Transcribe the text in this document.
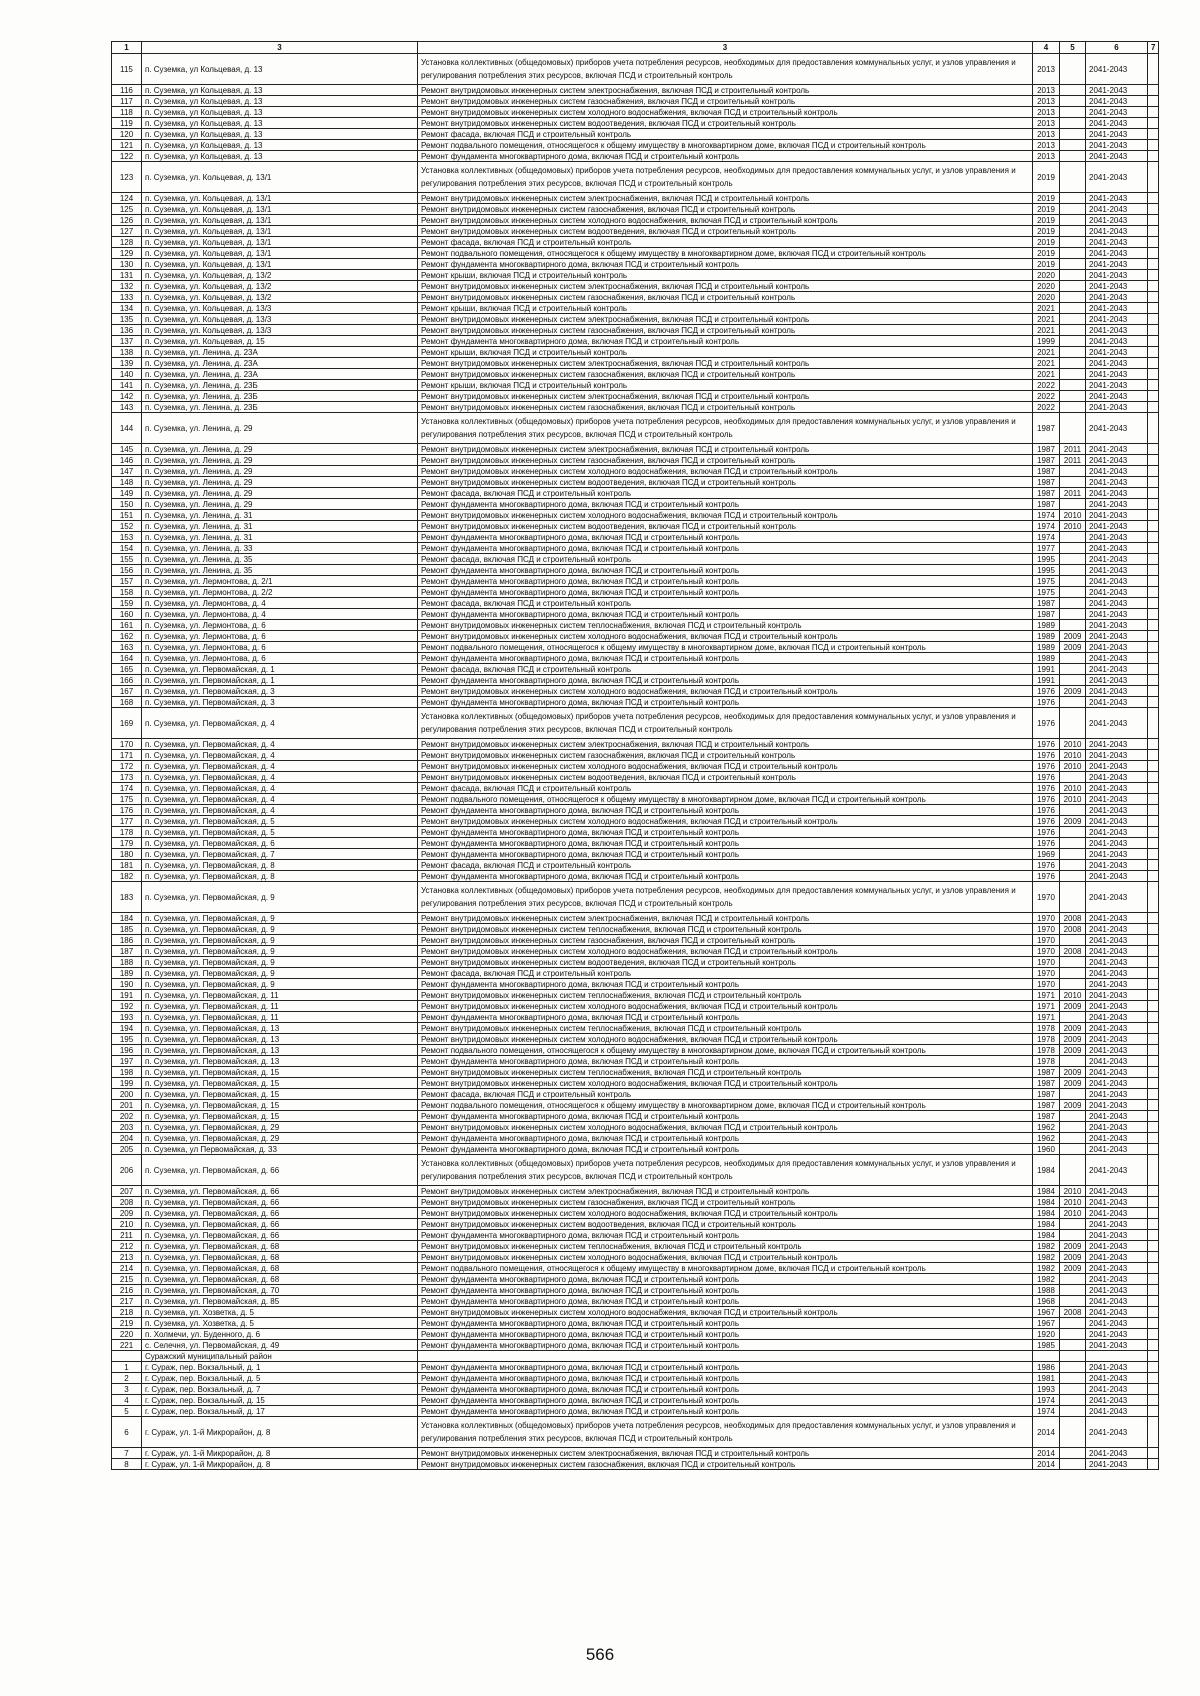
1	3	3	4	5	6	7
115	п. Суземка, ул Кольцевая, д. 13	Установка коллективных (общедомовых) приборов учета потребления ресурсов, необходимых для предоставления коммунальных услуг, и узлов управления и регулирования потребления этих ресурсов, включая ПСД и строительный контроль	2013		2041-2043	
116	п. Суземка, ул Кольцевая, д. 13	Ремонт внутридомовых инженерных систем электроснабжения, включая ПСД и строительный контроль	2013		2041-2043	
117	п. Суземка, ул Кольцевая, д. 13	Ремонт внутридомовых инженерных систем газоснабжения, включая ПСД и строительный контроль	2013		2041-2043	
118	п. Суземка, ул Кольцевая, д. 13	Ремонт внутридомовых инженерных систем холодного водоснабжения, включая ПСД и строительный контроль	2013		2041-2043	
119	п. Суземка, ул Кольцевая, д. 13	Ремонт внутридомовых инженерных систем водоотведения, включая ПСД и строительный контроль	2013		2041-2043	
120	п. Суземка, ул Кольцевая, д. 13	Ремонт фасада, включая ПСД и строительный контроль	2013		2041-2043	
121	п. Суземка, ул Кольцевая, д. 13	Ремонт подвального помещения, относящегося к общему имуществу в многоквартирном доме, включая ПСД и строительный контроль	2013		2041-2043	
122	п. Суземка, ул Кольцевая, д. 13	Ремонт фундамента многоквартирного дома, включая ПСД и строительный контроль	2013		2041-2043	
123	п. Суземка, ул. Кольцевая, д. 13/1	Установка коллективных (общедомовых) приборов учета потребления ресурсов, необходимых для предоставления коммунальных услуг, и узлов управления и регулирования потребления этих ресурсов, включая ПСД и строительный контроль	2019		2041-2043	
124	п. Суземка, ул. Кольцевая, д. 13/1	Ремонт внутридомовых инженерных систем электроснабжения, включая ПСД и строительный контроль	2019		2041-2043	
125	п. Суземка, ул. Кольцевая, д. 13/1	Ремонт внутридомовых инженерных систем газоснабжения, включая ПСД и строительный контроль	2019		2041-2043	
126	п. Суземка, ул. Кольцевая, д. 13/1	Ремонт внутридомовых инженерных систем холодного водоснабжения, включая ПСД и строительный контроль	2019		2041-2043	
127	п. Суземка, ул. Кольцевая, д. 13/1	Ремонт внутридомовых инженерных систем водоотведения, включая ПСД и строительный контроль	2019		2041-2043	
128	п. Суземка, ул. Кольцевая, д. 13/1	Ремонт фасада, включая ПСД и строительный контроль	2019		2041-2043	
129	п. Суземка, ул. Кольцевая, д. 13/1	Ремонт подвального помещения, относящегося к общему имуществу в многоквартирном доме, включая ПСД и строительный контроль	2019		2041-2043	
130	п. Суземка, ул. Кольцевая, д. 13/1	Ремонт фундамента многоквартирного дома, включая ПСД и строительный контроль	2019		2041-2043	
131	п. Суземка, ул. Кольцевая, д. 13/2	Ремонт крыши, включая ПСД и строительный контроль	2020		2041-2043	
132	п. Суземка, ул. Кольцевая, д. 13/2	Ремонт внутридомовых инженерных систем электроснабжения, включая ПСД и строительный контроль	2020		2041-2043	
133	п. Суземка, ул. Кольцевая, д. 13/2	Ремонт внутридомовых инженерных систем газоснабжения, включая ПСД и строительный контроль	2020		2041-2043	
134	п. Суземка, ул. Кольцевая, д. 13/3	Ремонт крыши, включая ПСД и строительный контроль	2021		2041-2043	
135	п. Суземка, ул. Кольцевая, д. 13/3	Ремонт внутридомовых инженерных систем электроснабжения, включая ПСД и строительный контроль	2021		2041-2043	
136	п. Суземка, ул. Кольцевая, д. 13/3	Ремонт внутридомовых инженерных систем газоснабжения, включая ПСД и строительный контроль	2021		2041-2043	
137	п. Суземка, ул. Кольцевая, д. 15	Ремонт фундамента многоквартирного дома, включая ПСД и строительный контроль	1999		2041-2043	
138	п. Суземка, ул. Ленина, д. 23А	Ремонт крыши, включая ПСД и строительный контроль	2021		2041-2043	
139	п. Суземка, ул. Ленина, д. 23А	Ремонт внутридомовых инженерных систем электроснабжения, включая ПСД и строительный контроль	2021		2041-2043	
140	п. Суземка, ул. Ленина, д. 23А	Ремонт внутридомовых инженерных систем газоснабжения, включая ПСД и строительный контроль	2021		2041-2043	
141	п. Суземка, ул. Ленина, д. 23Б	Ремонт крыши, включая ПСД и строительный контроль	2022		2041-2043	
142	п. Суземка, ул. Ленина, д. 23Б	Ремонт внутридомовых инженерных систем электроснабжения, включая ПСД и строительный контроль	2022		2041-2043	
143	п. Суземка, ул. Ленина, д. 23Б	Ремонт внутридомовых инженерных систем газоснабжения, включая ПСД и строительный контроль	2022		2041-2043	
144	п. Суземка, ул. Ленина, д. 29	Установка коллективных (общедомовых) приборов учета потребления ресурсов, необходимых для предоставления коммунальных услуг, и узлов управления и регулирования потребления этих ресурсов, включая ПСД и строительный контроль	1987		2041-2043	
145	п. Суземка, ул. Ленина, д. 29	Ремонт внутридомовых инженерных систем электроснабжения, включая ПСД и строительный контроль	1987	2011	2041-2043	
146	п. Суземка, ул. Ленина, д. 29	Ремонт внутридомовых инженерных систем газоснабжения, включая ПСД и строительный контроль	1987	2011	2041-2043	
147	п. Суземка, ул. Ленина, д. 29	Ремонт внутридомовых инженерных систем холодного водоснабжения, включая ПСД и строительный контроль	1987		2041-2043	
148	п. Суземка, ул. Ленина, д. 29	Ремонт внутридомовых инженерных систем водоотведения, включая ПСД и строительный контроль	1987		2041-2043	
149	п. Суземка, ул. Ленина, д. 29	Ремонт фасада, включая ПСД и строительный контроль	1987	2011	2041-2043	
150	п. Суземка, ул. Ленина, д. 29	Ремонт фундамента многоквартирного дома, включая ПСД и строительный контроль	1987		2041-2043	
151	п. Суземка, ул. Ленина, д. 31	Ремонт внутридомовых инженерных систем холодного водоснабжения, включая ПСД и строительный контроль	1974	2010	2041-2043	
152	п. Суземка, ул. Ленина, д. 31	Ремонт внутридомовых инженерных систем водоотведения, включая ПСД и строительный контроль	1974	2010	2041-2043	
153	п. Суземка, ул. Ленина, д. 31	Ремонт фундамента многоквартирного дома, включая ПСД и строительный контроль	1974		2041-2043	
154	п. Суземка, ул. Ленина, д. 33	Ремонт фундамента многоквартирного дома, включая ПСД и строительный контроль	1977		2041-2043	
155	п. Суземка, ул. Ленина, д. 35	Ремонт фасада, включая ПСД и строительный контроль	1995		2041-2043	
156	п. Суземка, ул. Ленина, д. 35	Ремонт фундамента многоквартирного дома, включая ПСД и строительный контроль	1995		2041-2043	
157	п. Суземка, ул. Лермонтова, д. 2/1	Ремонт фундамента многоквартирного дома, включая ПСД и строительный контроль	1975		2041-2043	
158	п. Суземка, ул. Лермонтова, д. 2/2	Ремонт фундамента многоквартирного дома, включая ПСД и строительный контроль	1975		2041-2043	
159	п. Суземка, ул. Лермонтова, д. 4	Ремонт фасада, включая ПСД и строительный контроль	1987		2041-2043	
160	п. Суземка, ул. Лермонтова, д. 4	Ремонт фундамента многоквартирного дома, включая ПСД и строительный контроль	1987		2041-2043	
161	п. Суземка, ул. Лермонтова, д. 6	Ремонт внутридомовых инженерных систем теплоснабжения, включая ПСД и строительный контроль	1989		2041-2043	
162	п. Суземка, ул. Лермонтова, д. 6	Ремонт внутридомовых инженерных систем холодного водоснабжения, включая ПСД и строительный контроль	1989	2009	2041-2043	
163	п. Суземка, ул. Лермонтова, д. 6	Ремонт подвального помещения, относящегося к общему имуществу в многоквартирном доме, включая ПСД и строительный контроль	1989	2009	2041-2043	
164	п. Суземка, ул. Лермонтова, д. 6	Ремонт фундамента многоквартирного дома, включая ПСД и строительный контроль	1989		2041-2043	
165	п. Суземка, ул. Первомайская, д. 1	Ремонт фасада, включая ПСД и строительный контроль	1991		2041-2043	
166	п. Суземка, ул. Первомайская, д. 1	Ремонт фундамента многоквартирного дома, включая ПСД и строительный контроль	1991		2041-2043	
167	п. Суземка, ул. Первомайская, д. 3	Ремонт внутридомовых инженерных систем холодного водоснабжения, включая ПСД и строительный контроль	1976	2009	2041-2043	
168	п. Суземка, ул. Первомайская, д. 3	Ремонт фундамента многоквартирного дома, включая ПСД и строительный контроль	1976		2041-2043	
169	п. Суземка, ул. Первомайская, д. 4	Установка коллективных (общедомовых) приборов учета потребления ресурсов, необходимых для предоставления коммунальных услуг, и узлов управления и регулирования потребления этих ресурсов, включая ПСД и строительный контроль	1976		2041-2043	
170	п. Суземка, ул. Первомайская, д. 4	Ремонт внутридомовых инженерных систем электроснабжения, включая ПСД и строительный контроль	1976	2010	2041-2043	
171	п. Суземка, ул. Первомайская, д. 4	Ремонт внутридомовых инженерных систем газоснабжения, включая ПСД и строительный контроль	1976	2010	2041-2043	
172	п. Суземка, ул. Первомайская, д. 4	Ремонт внутридомовых инженерных систем холодного водоснабжения, включая ПСД и строительный контроль	1976	2010	2041-2043	
173	п. Суземка, ул. Первомайская, д. 4	Ремонт внутридомовых инженерных систем водоотведения, включая ПСД и строительный контроль	1976		2041-2043	
174	п. Суземка, ул. Первомайская, д. 4	Ремонт фасада, включая ПСД и строительный контроль	1976	2010	2041-2043	
175	п. Суземка, ул. Первомайская, д. 4	Ремонт подвального помещения, относящегося к общему имуществу в многоквартирном доме, включая ПСД и строительный контроль	1976	2010	2041-2043	
176	п. Суземка, ул. Первомайская, д. 4	Ремонт фундамента многоквартирного дома, включая ПСД и строительный контроль	1976		2041-2043	
177	п. Суземка, ул. Первомайская, д. 5	Ремонт внутридомовых инженерных систем холодного водоснабжения, включая ПСД и строительный контроль	1976	2009	2041-2043	
178	п. Суземка, ул. Первомайская, д. 5	Ремонт фундамента многоквартирного дома, включая ПСД и строительный контроль	1976		2041-2043	
179	п. Суземка, ул. Первомайская, д. 6	Ремонт фундамента многоквартирного дома, включая ПСД и строительный контроль	1976		2041-2043	
180	п. Суземка, ул. Первомайская, д. 7	Ремонт фундамента многоквартирного дома, включая ПСД и строительный контроль	1969		2041-2043	
181	п. Суземка, ул. Первомайская, д. 8	Ремонт фасада, включая ПСД и строительный контроль	1976		2041-2043	
182	п. Суземка, ул. Первомайская, д. 8	Ремонт фундамента многоквартирного дома, включая ПСД и строительный контроль	1976		2041-2043	
183	п. Суземка, ул. Первомайская, д. 9	Установка коллективных (общедомовых) приборов учета потребления ресурсов, необходимых для предоставления коммунальных услуг, и узлов управления и регулирования потребления этих ресурсов, включая ПСД и строительный контроль	1970		2041-2043	
184	п. Суземка, ул. Первомайская, д. 9	Ремонт внутридомовых инженерных систем электроснабжения, включая ПСД и строительный контроль	1970	2008	2041-2043	
185	п. Суземка, ул. Первомайская, д. 9	Ремонт внутридомовых инженерных систем теплоснабжения, включая ПСД и строительный контроль	1970	2008	2041-2043	
186	п. Суземка, ул. Первомайская, д. 9	Ремонт внутридомовых инженерных систем газоснабжения, включая ПСД и строительный контроль	1970		2041-2043	
187	п. Суземка, ул. Первомайская, д. 9	Ремонт внутридомовых инженерных систем холодного водоснабжения, включая ПСД и строительный контроль	1970	2008	2041-2043	
188	п. Суземка, ул. Первомайская, д. 9	Ремонт внутридомовых инженерных систем водоотведения, включая ПСД и строительный контроль	1970		2041-2043	
189	п. Суземка, ул. Первомайская, д. 9	Ремонт фасада, включая ПСД и строительный контроль	1970		2041-2043	
190	п. Суземка, ул. Первомайская, д. 9	Ремонт фундамента многоквартирного дома, включая ПСД и строительный контроль	1970		2041-2043	
191	п. Суземка, ул. Первомайская, д. 11	Ремонт внутридомовых инженерных систем теплоснабжения, включая ПСД и строительный контроль	1971	2010	2041-2043	
192	п. Суземка, ул. Первомайская, д. 11	Ремонт внутридомовых инженерных систем холодного водоснабжения, включая ПСД и строительный контроль	1971	2009	2041-2043	
193	п. Суземка, ул. Первомайская, д. 11	Ремонт фундамента многоквартирного дома, включая ПСД и строительный контроль	1971		2041-2043	
194	п. Суземка, ул. Первомайская, д. 13	Ремонт внутридомовых инженерных систем теплоснабжения, включая ПСД и строительный контроль	1978	2009	2041-2043	
195	п. Суземка, ул. Первомайская, д. 13	Ремонт внутридомовых инженерных систем холодного водоснабжения, включая ПСД и строительный контроль	1978	2009	2041-2043	
196	п. Суземка, ул. Первомайская, д. 13	Ремонт подвального помещения, относящегося к общему имуществу в многоквартирном доме, включая ПСД и строительный контроль	1978	2009	2041-2043	
197	п. Суземка, ул. Первомайская, д. 13	Ремонт фундамента многоквартирного дома, включая ПСД и строительный контроль	1978		2041-2043	
198	п. Суземка, ул. Первомайская, д. 15	Ремонт внутридомовых инженерных систем теплоснабжения, включая ПСД и строительный контроль	1987	2009	2041-2043	
199	п. Суземка, ул. Первомайская, д. 15	Ремонт внутридомовых инженерных систем холодного водоснабжения, включая ПСД и строительный контроль	1987	2009	2041-2043	
200	п. Суземка, ул. Первомайская, д. 15	Ремонт фасада, включая ПСД и строительный контроль	1987		2041-2043	
201	п. Суземка, ул. Первомайская, д. 15	Ремонт подвального помещения, относящегося к общему имуществу в многоквартирном доме, включая ПСД и строительный контроль	1987	2009	2041-2043	
202	п. Суземка, ул. Первомайская, д. 15	Ремонт фундамента многоквартирного дома, включая ПСД и строительный контроль	1987		2041-2043	
203	п. Суземка, ул. Первомайская, д. 29	Ремонт внутридомовых инженерных систем холодного водоснабжения, включая ПСД и строительный контроль	1962		2041-2043	
204	п. Суземка, ул. Первомайская, д. 29	Ремонт фундамента многоквартирного дома, включая ПСД и строительный контроль	1962		2041-2043	
205	п. Суземка, ул Первомайская, д. 33	Ремонт фундамента многоквартирного дома, включая ПСД и строительный контроль	1960		2041-2043	
206	п. Суземка, ул. Первомайская, д. 66	Установка коллективных (общедомовых) приборов учета потребления ресурсов, необходимых для предоставления коммунальных услуг, и узлов управления и регулирования потребления этих ресурсов, включая ПСД и строительный контроль	1984		2041-2043	
207	п. Суземка, ул. Первомайская, д. 66	Ремонт внутридомовых инженерных систем электроснабжения, включая ПСД и строительный контроль	1984	2010	2041-2043	
208	п. Суземка, ул. Первомайская, д. 66	Ремонт внутридомовых инженерных систем газоснабжения, включая ПСД и строительный контроль	1984	2010	2041-2043	
209	п. Суземка, ул. Первомайская, д. 66	Ремонт внутридомовых инженерных систем холодного водоснабжения, включая ПСД и строительный контроль	1984	2010	2041-2043	
210	п. Суземка, ул. Первомайская, д. 66	Ремонт внутридомовых инженерных систем водоотведения, включая ПСД и строительный контроль	1984		2041-2043	
211	п. Суземка, ул. Первомайская, д. 66	Ремонт фундамента многоквартирного дома, включая ПСД и строительный контроль	1984		2041-2043	
212	п. Суземка, ул. Первомайская, д. 68	Ремонт внутридомовых инженерных систем теплоснабжения, включая ПСД и строительный контроль	1982	2009	2041-2043	
213	п. Суземка, ул. Первомайская, д. 68	Ремонт внутридомовых инженерных систем холодного водоснабжения, включая ПСД и строительный контроль	1982	2009	2041-2043	
214	п. Суземка, ул. Первомайская, д. 68	Ремонт подвального помещения, относящегося к общему имуществу в многоквартирном доме, включая ПСД и строительный контроль	1982	2009	2041-2043	
215	п. Суземка, ул. Первомайская, д. 68	Ремонт фундамента многоквартирного дома, включая ПСД и строительный контроль	1982		2041-2043	
216	п. Суземка, ул. Первомайская, д. 70	Ремонт фундамента многоквартирного дома, включая ПСД и строительный контроль	1988		2041-2043	
217	п. Суземка, ул. Первомайская, д. 85	Ремонт фундамента многоквартирного дома, включая ПСД и строительный контроль	1968		2041-2043	
218	п. Суземка, ул. Хозветка, д. 5	Ремонт внутридомовых инженерных систем холодного водоснабжения, включая ПСД и строительный контроль	1967	2008	2041-2043	
219	п. Суземка, ул. Хозветка, д. 5	Ремонт фундамента многоквартирного дома, включая ПСД и строительный контроль	1967		2041-2043	
220	п. Холмечи, ул. Буденного, д. 6	Ремонт фундамента многоквартирного дома, включая ПСД и строительный контроль	1920		2041-2043	
221	с. Селечня, ул. Первомайская, д. 49	Ремонт фундамента многоквартирного дома, включая ПСД и строительный контроль	1985		2041-2043	
	Суражский муниципальный район					
1	г. Сураж, пер. Вокзальный, д. 1	Ремонт фундамента многоквартирного дома, включая ПСД и строительный контроль	1986		2041-2043	
2	г. Сураж, пер. Вокзальный, д. 5	Ремонт фундамента многоквартирного дома, включая ПСД и строительный контроль	1981		2041-2043	
3	г. Сураж, пер. Вокзальный, д. 7	Ремонт фундамента многоквартирного дома, включая ПСД и строительный контроль	1993		2041-2043	
4	г. Сураж, пер. Вокзальный, д. 15	Ремонт фундамента многоквартирного дома, включая ПСД и строительный контроль	1974		2041-2043	
5	г. Сураж, пер. Вокзальный, д. 17	Ремонт фундамента многоквартирного дома, включая ПСД и строительный контроль	1974		2041-2043	
6	г. Сураж, ул. 1-й Микрорайон, д. 8	Установка коллективных (общедомовых) приборов учета потребления ресурсов, необходимых для предоставления коммунальных услуг, и узлов управления и регулирования потребления этих ресурсов, включая ПСД и строительный контроль	2014		2041-2043	
7	г. Сураж, ул. 1-й Микрорайон, д. 8	Ремонт внутридомовых инженерных систем электроснабжения, включая ПСД и строительный контроль	2014		2041-2043	
8	г. Сураж, ул. 1-й Микрорайон, д. 8	Ремонт внутридомовых инженерных систем газоснабжения, включая ПСД и строительный контроль	2014		2041-2043	
566
